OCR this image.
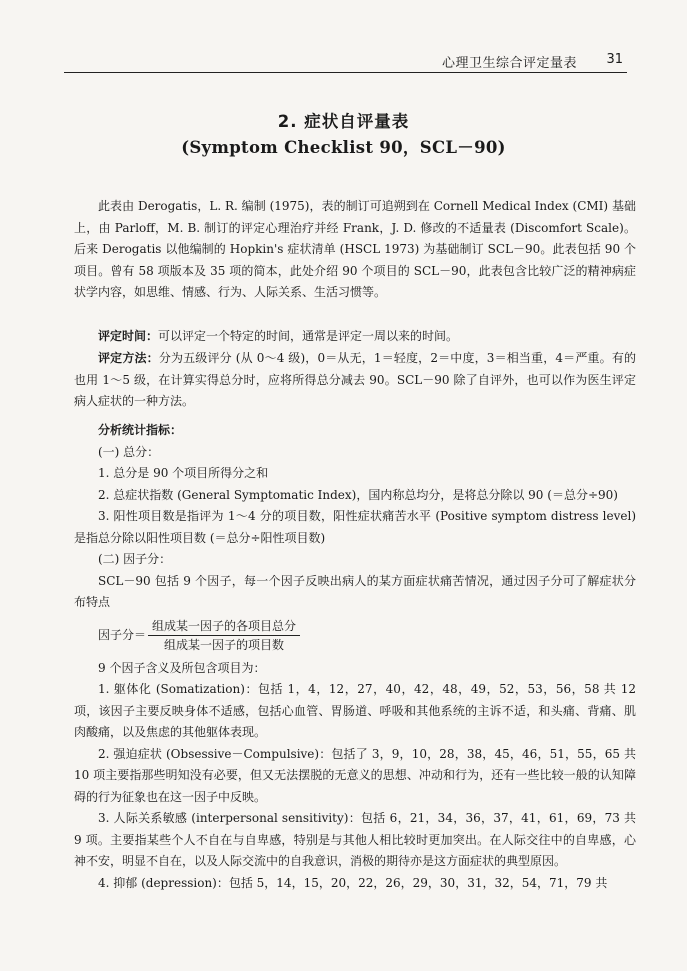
心理卫生综合评定量表 31
2. 症状自评量表
(Symptom Checklist 90，SCL－90)

此表由 Derogatis，L. R. 编制 (1975)，表的制订可追朔到在 Cornell Medical Index (CMI) 基础上，由 Parloff，M. B. 制订的评定心理治疗并经 Frank，J. D. 修改的不适量表 (Discomfort Scale)。后来 Derogatis 以他编制的 Hopkin's 症状清单 (HSCL 1973) 为基础制订 SCL－90。此表包括 90 个项目。曾有 58 项版本及 35 项的简本，此处介绍 90 个项目的 SCL－90，此表包含比较广泛的精神病症状学内容，如思维、情感、行为、人际关系、生活习惯等。

评定时间：可以评定一个特定的时间，通常是评定一周以来的时间。

评定方法：分为五级评分 (从 0～4 级)，0＝从无，1＝轻度，2＝中度，3＝相当重，4＝严重。有的也用 1～5 级，在计算实得总分时，应将所得总分减去 90。SCL－90 除了自评外，也可以作为医生评定病人症状的一种方法。

分析统计指标：

(一) 总分：

1. 总分是 90 个项目所得分之和

2. 总症状指数 (General Symptomatic Index)，国内称总均分，是将总分除以 90 (＝总分÷90)

3. 阳性项目数是指评为 1～4 分的项目数，阳性症状痛苦水平 (Positive symptom distress level) 是指总分除以阳性项目数 (＝总分÷阳性项目数)

(二) 因子分：

SCL－90 包括 9 个因子，每一个因子反映出病人的某方面症状痛苦情况，通过因子分可了解症状分布特点

因子分＝ $\frac{\text{组成某一因子的各项目总分}}{\text{组成某一因子的项目数}}$

9 个因子含义及所包含项目为：

1. 躯体化 (Somatization)：包括 1，4，12，27，40，42，48，49，52，53，56，58 共 12 项，该因子主要反映身体不适感，包括心血管、胃肠道、呼吸和其他系统的主诉不适，和头痛、背痛、肌肉酸痛，以及焦虑的其他躯体表现。

2. 强迫症状 (Obsessive－Compulsive)：包括了 3，9，10，28，38，45，46，51，55，65 共 10 项主要指那些明知没有必要，但又无法摆脱的无意义的思想、冲动和行为，还有一些比较一般的认知障碍的行为征象也在这一因子中反映。

3. 人际关系敏感 (interpersonal sensitivity)：包括 6，21，34，36，37，41，61，69，73 共 9 项。主要指某些个人不自在与自卑感，特别是与其他人相比较时更加突出。在人际交往中的自卑感，心神不安，明显不自在，以及人际交流中的自我意识，消极的期待亦是这方面症状的典型原因。

4. 抑郁 (depression)：包括 5，14，15，20，22，26，29，30，31，32，54，71，79 共
